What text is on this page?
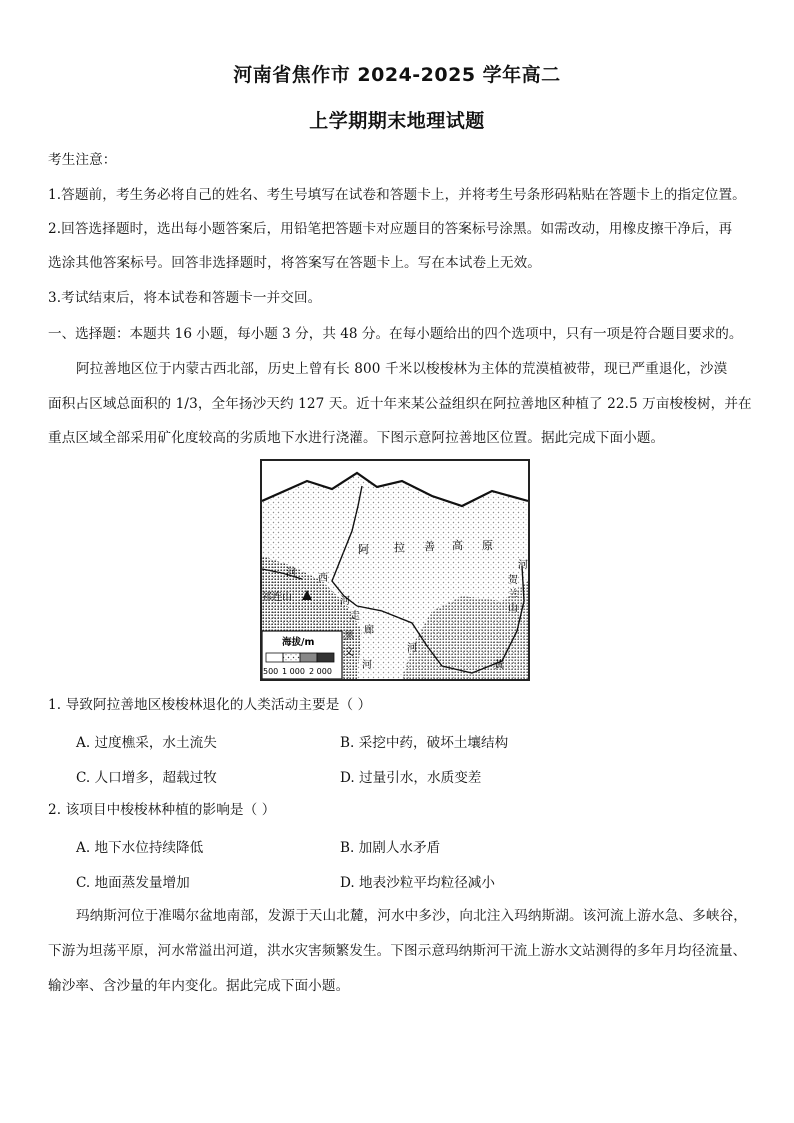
河南省焦作市 2024-2025 学年高二
上学期期末地理试题
考生注意：
1.答题前，考生务必将自己的姓名、考生号填写在试卷和答题卡上，并将考生号条形码粘贴在答题卡上的指定位置。
2.回答选择题时，选出每小题答案后，用铅笔把答题卡对应题目的答案标号涂黑。如需改动，用橡皮擦干净后，再
选涂其他答案标号。回答非选择题时，将答案写在答题卡上。写在本试卷上无效。
3.考试结束后，将本试卷和答题卡一并交回。
一、选择题：本题共 16 小题，每小题 3 分，共 48 分。在每小题给出的四个选项中，只有一项是符合题目要求的。
阿拉善地区位于内蒙古西北部，历史上曾有长 800 千米以梭梭林为主体的荒漠植被带，现已严重退化，沙漠
面积占区域总面积的 1/3，全年扬沙天约 127 天。近十年来某公益组织在阿拉善地区种植了 22.5 万亩梭梭树，并在
重点区域全部采用矿化度较高的劣质地下水进行浇灌。下图示意阿拉善地区位置。据此完成下面小题。
阿 拉 善 高 原
河
祁连山
西
河
走
廊
黑
文
河
贺
兰
山
河
河
黄
海拔/m
500 1 000 2 000
1. 导致阿拉善地区梭梭林退化的人类活动主要是（ ）
A. 过度樵采，水土流失	B. 采挖中药，破坏土壤结构
C. 人口增多，超载过牧	D. 过量引水，水质变差
2. 该项目中梭梭林种植的影响是（ ）
A. 地下水位持续降低	B. 加剧人水矛盾
C. 地面蒸发量增加	D. 地表沙粒平均粒径减小
玛纳斯河位于准噶尔盆地南部，发源于天山北麓，河水中多沙，向北注入玛纳斯湖。该河流上游水急、多峡谷，
下游为坦荡平原，河水常溢出河道，洪水灾害频繁发生。下图示意玛纳斯河干流上游水文站测得的多年月均径流量、
输沙率、含沙量的年内变化。据此完成下面小题。
